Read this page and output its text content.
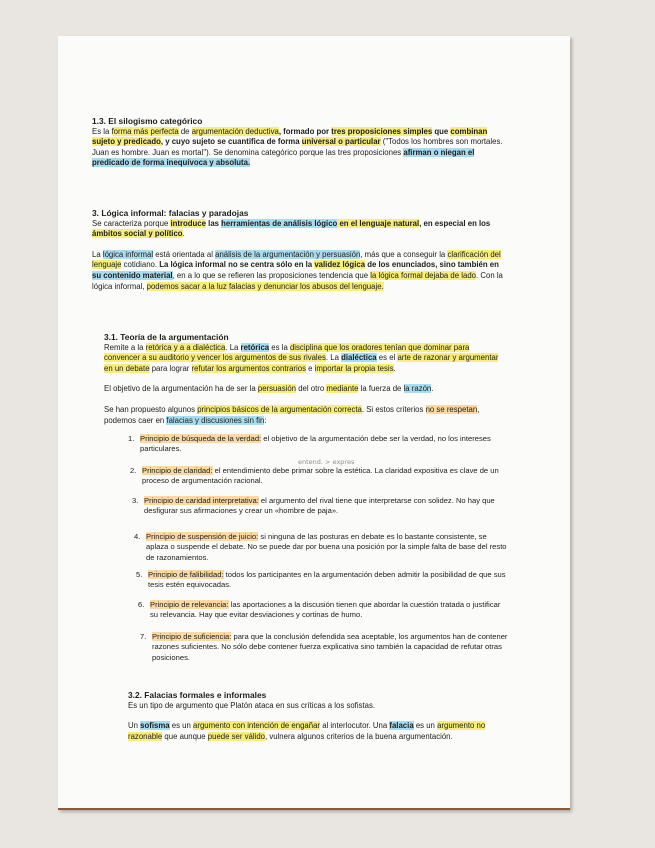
1.3. El silogismo categórico
Es la forma más perfecta de argumentación deductiva, formado por tres proposiciones simples que combinan sujeto y predicado, y cuyo sujeto se cuantifica de forma universal o particular ("Todos los hombres son mortales. Juan es hombre. Juan es mortal"). Se denomina categórico porque las tres proposiciones afirman o niegan el predicado de forma inequívoca y absoluta.
3. Lógica informal: falacias y paradojas
Se caracteriza porque introduce las herramientas de análisis lógico en el lenguaje natural, en especial en los ámbitos social y político.
La lógica informal está orientada al análisis de la argumentación y persuasión, más que a conseguir la clarificación del lenguaje cotidiano. La lógica informal no se centra sólo en la validez lógica de los enunciados, sino también en su contenido material, en a lo que se refieren las proposiciones tendencia que la lógica formal dejaba de lado. Con la lógica informal, podemos sacar a la luz falacias y denunciar los abusos del lenguaje.
3.1. Teoría de la argumentación
Remite a la retórica y a a dialéctica. La retórica es la disciplina que los oradores tenían que dominar para convencer a su auditorio y vencer los argumentos de sus rivales. La dialéctica es el arte de razonar y argumentar en un debate para lograr refutar los argumentos contrarios e importar la propia tesis.
El objetivo de la argumentación ha de ser la persuasión del otro mediante la fuerza de la razón.
Se han propuesto algunos principios básicos de la argumentación correcta. Si estos criterios no se respetan, podemos caer en falacias y discusiones sin fin:
entend. > expres
1. Principio de búsqueda de la verdad: el objetivo de la argumentación debe ser la verdad, no los intereses particulares.
2. Principio de claridad: el entendimiento debe primar sobre la estética. La claridad expositiva es clave de un proceso de argumentación racional.
3. Principio de caridad interpretativa: el argumento del rival tiene que interpretarse con solidez. No hay que desfigurar sus afirmaciones y crear un «hombre de paja».
4. Principio de suspensión de juicio: si ninguna de las posturas en debate es lo bastante consistente, se aplaza o suspende el debate. No se puede dar por buena una posición por la simple falta de base del resto de razonamientos.
5. Principio de falibilidad: todos los participantes en la argumentación deben admitir la posibilidad de que sus tesis estén equivocadas.
6. Principio de relevancia: las aportaciones a la discusión tienen que abordar la cuestión tratada o justificar su relevancia. Hay que evitar desviaciones y cortinas de humo.
7. Principio de suficiencia: para que la conclusión defendida sea aceptable, los argumentos han de contener razones suficientes. No sólo debe contener fuerza explicativa sino también la capacidad de refutar otras posiciones.
3.2. Falacias formales e informales
Es un tipo de argumento que Platón ataca en sus críticas a los sofistas.
Un sofisma es un argumento con intención de engañar al interlocutor. Una falacia es un argumento no razonable que aunque puede ser válido, vulnera algunos criterios de la buena argumentación.
